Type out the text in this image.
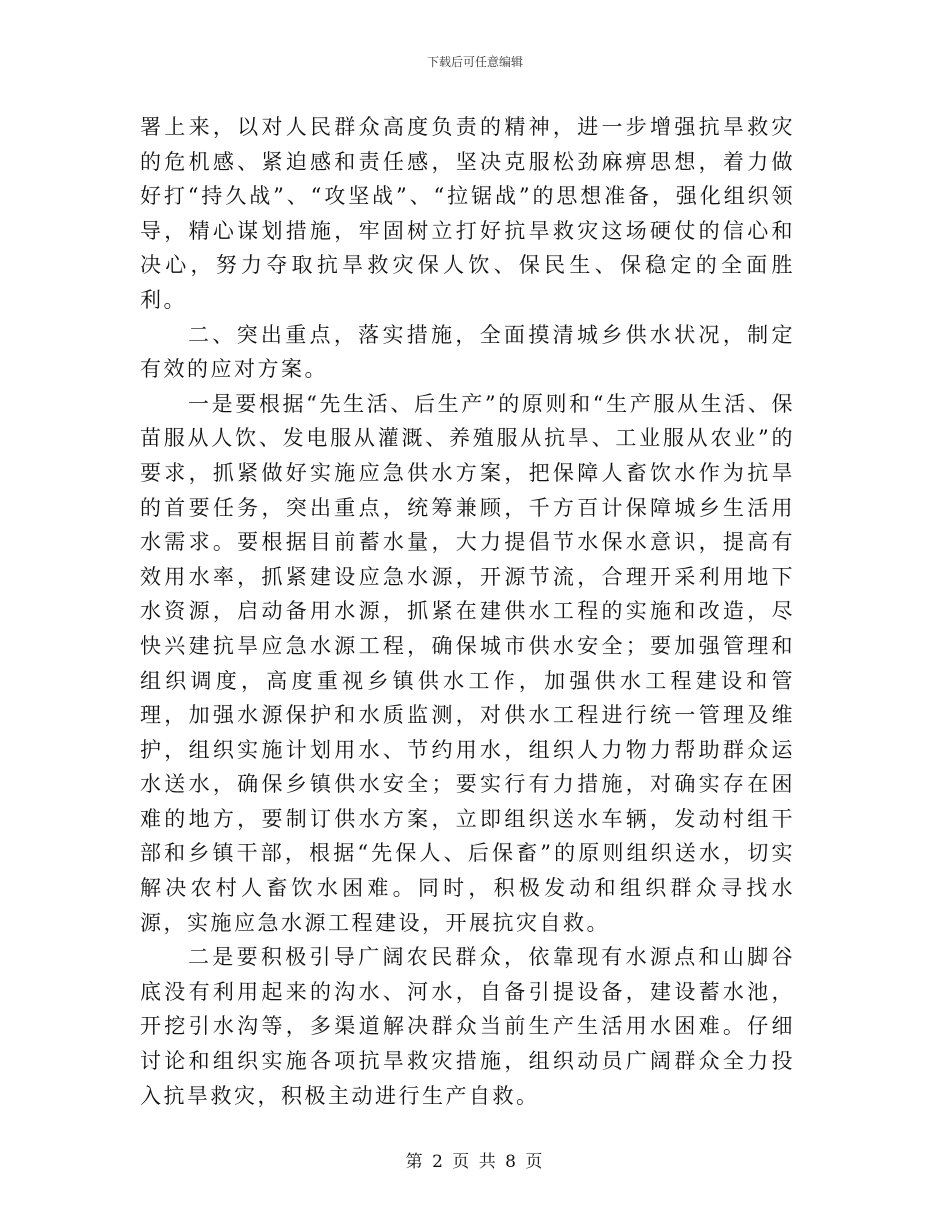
下载后可任意编辑

署上来，以对人民群众高度负责的精神，进一步增强抗旱救灾的危机感、紧迫感和责任感，坚决克服松劲麻痹思想，着力做好打“持久战”、“攻坚战”、“拉锯战”的思想准备，强化组织领导，精心谋划措施，牢固树立打好抗旱救灾这场硬仗的信心和决心，努力夺取抗旱救灾保人饮、保民生、保稳定的全面胜利。

二、突出重点，落实措施，全面摸清城乡供水状况，制定有效的应对方案。

一是要根据“先生活、后生产”的原则和“生产服从生活、保苗服从人饮、发电服从灌溉、养殖服从抗旱、工业服从农业”的要求，抓紧做好实施应急供水方案，把保障人畜饮水作为抗旱的首要任务，突出重点，统筹兼顾，千方百计保障城乡生活用水需求。要根据目前蓄水量，大力提倡节水保水意识，提高有效用水率，抓紧建设应急水源，开源节流，合理开采利用地下水资源，启动备用水源，抓紧在建供水工程的实施和改造，尽快兴建抗旱应急水源工程，确保城市供水安全；要加强管理和组织调度，高度重视乡镇供水工作，加强供水工程建设和管理，加强水源保护和水质监测，对供水工程进行统一管理及维护，组织实施计划用水、节约用水，组织人力物力帮助群众运水送水，确保乡镇供水安全；要实行有力措施，对确实存在困难的地方，要制订供水方案，立即组织送水车辆，发动村组干部和乡镇干部，根据“先保人、后保畜”的原则组织送水，切实解决农村人畜饮水困难。同时，积极发动和组织群众寻找水源，实施应急水源工程建设，开展抗灾自救。

二是要积极引导广阔农民群众，依靠现有水源点和山脚谷底没有利用起来的沟水、河水，自备引提设备，建设蓄水池，开挖引水沟等，多渠道解决群众当前生产生活用水困难。仔细讨论和组织实施各项抗旱救灾措施，组织动员广阔群众全力投入抗旱救灾，积极主动进行生产自救。

第 2 页 共 8 页
